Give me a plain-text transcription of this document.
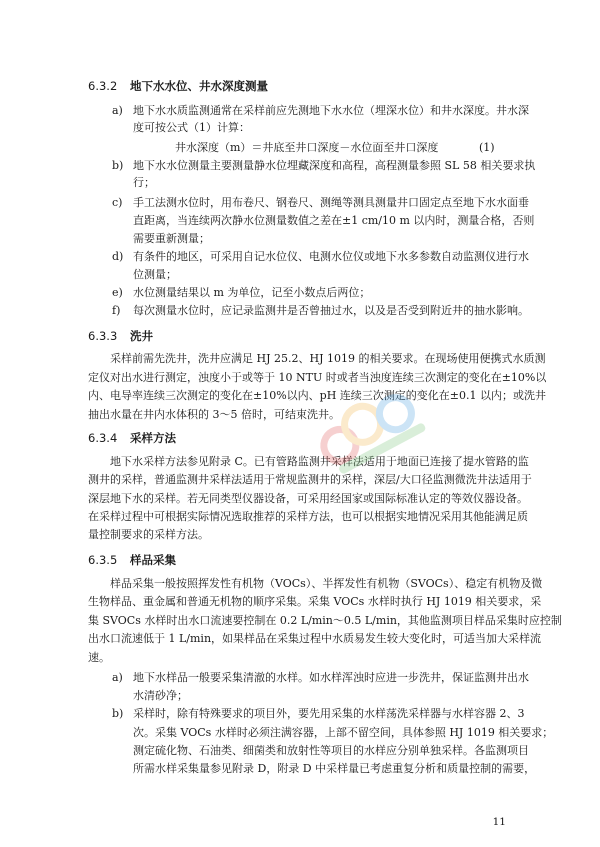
6.3.2 地下水水位、井水深度测量
a) 地下水水质监测通常在采样前应先测地下水水位（埋深水位）和井水深度。井水深
度可按公式（1）计算：
井水深度（m）＝井底至井口深度－水位面至井口深度	(1)
b) 地下水水位测量主要测量静水位埋藏深度和高程，高程测量参照 SL 58 相关要求执
行；
c) 手工法测水位时，用布卷尺、钢卷尺、测绳等测具测量井口固定点至地下水水面垂
直距离，当连续两次静水位测量数值之差在±1 cm/10 m 以内时，测量合格，否则
需要重新测量；
d) 有条件的地区，可采用自记水位仪、电测水位仪或地下水多参数自动监测仪进行水
位测量；
e) 水位测量结果以 m 为单位，记至小数点后两位；
f) 每次测量水位时，应记录监测井是否曾抽过水，以及是否受到附近井的抽水影响。
6.3.3 洗井
采样前需先洗井，洗井应满足 HJ 25.2、HJ 1019 的相关要求。在现场使用便携式水质测
定仪对出水进行测定，浊度小于或等于 10 NTU 时或者当浊度连续三次测定的变化在±10%以
内、电导率连续三次测定的变化在±10%以内、pH 连续三次测定的变化在±0.1 以内；或洗井
抽出水量在井内水体积的 3～5 倍时，可结束洗井。
6.3.4 采样方法
地下水采样方法参见附录 C。已有管路监测井采样法适用于地面已连接了提水管路的监
测井的采样，普通监测井采样法适用于常规监测井的采样，深层/大口径监测微洗井法适用于
深层地下水的采样。若无同类型仪器设备，可采用经国家或国际标准认定的等效仪器设备。
在采样过程中可根据实际情况选取推荐的采样方法，也可以根据实地情况采用其他能满足质
量控制要求的采样方法。
6.3.5 样品采集
样品采集一般按照挥发性有机物（VOCs）、半挥发性有机物（SVOCs）、稳定有机物及微
生物样品、重金属和普通无机物的顺序采集。采集 VOCs 水样时执行 HJ 1019 相关要求，采
集 SVOCs 水样时出水口流速要控制在 0.2 L/min～0.5 L/min，其他监测项目样品采集时应控制
出水口流速低于 1 L/min，如果样品在采集过程中水质易发生较大变化时，可适当加大采样流
速。
a) 地下水样品一般要采集清澈的水样。如水样浑浊时应进一步洗井，保证监测井出水
水清砂净；
b) 采样时，除有特殊要求的项目外，要先用采集的水样荡洗采样器与水样容器 2、3
次。采集 VOCs 水样时必须注满容器，上部不留空间，具体参照 HJ 1019 相关要求；
测定硫化物、石油类、细菌类和放射性等项目的水样应分别单独采样。各监测项目
所需水样采集量参见附录 D，附录 D 中采样量已考虑重复分析和质量控制的需要，
11
